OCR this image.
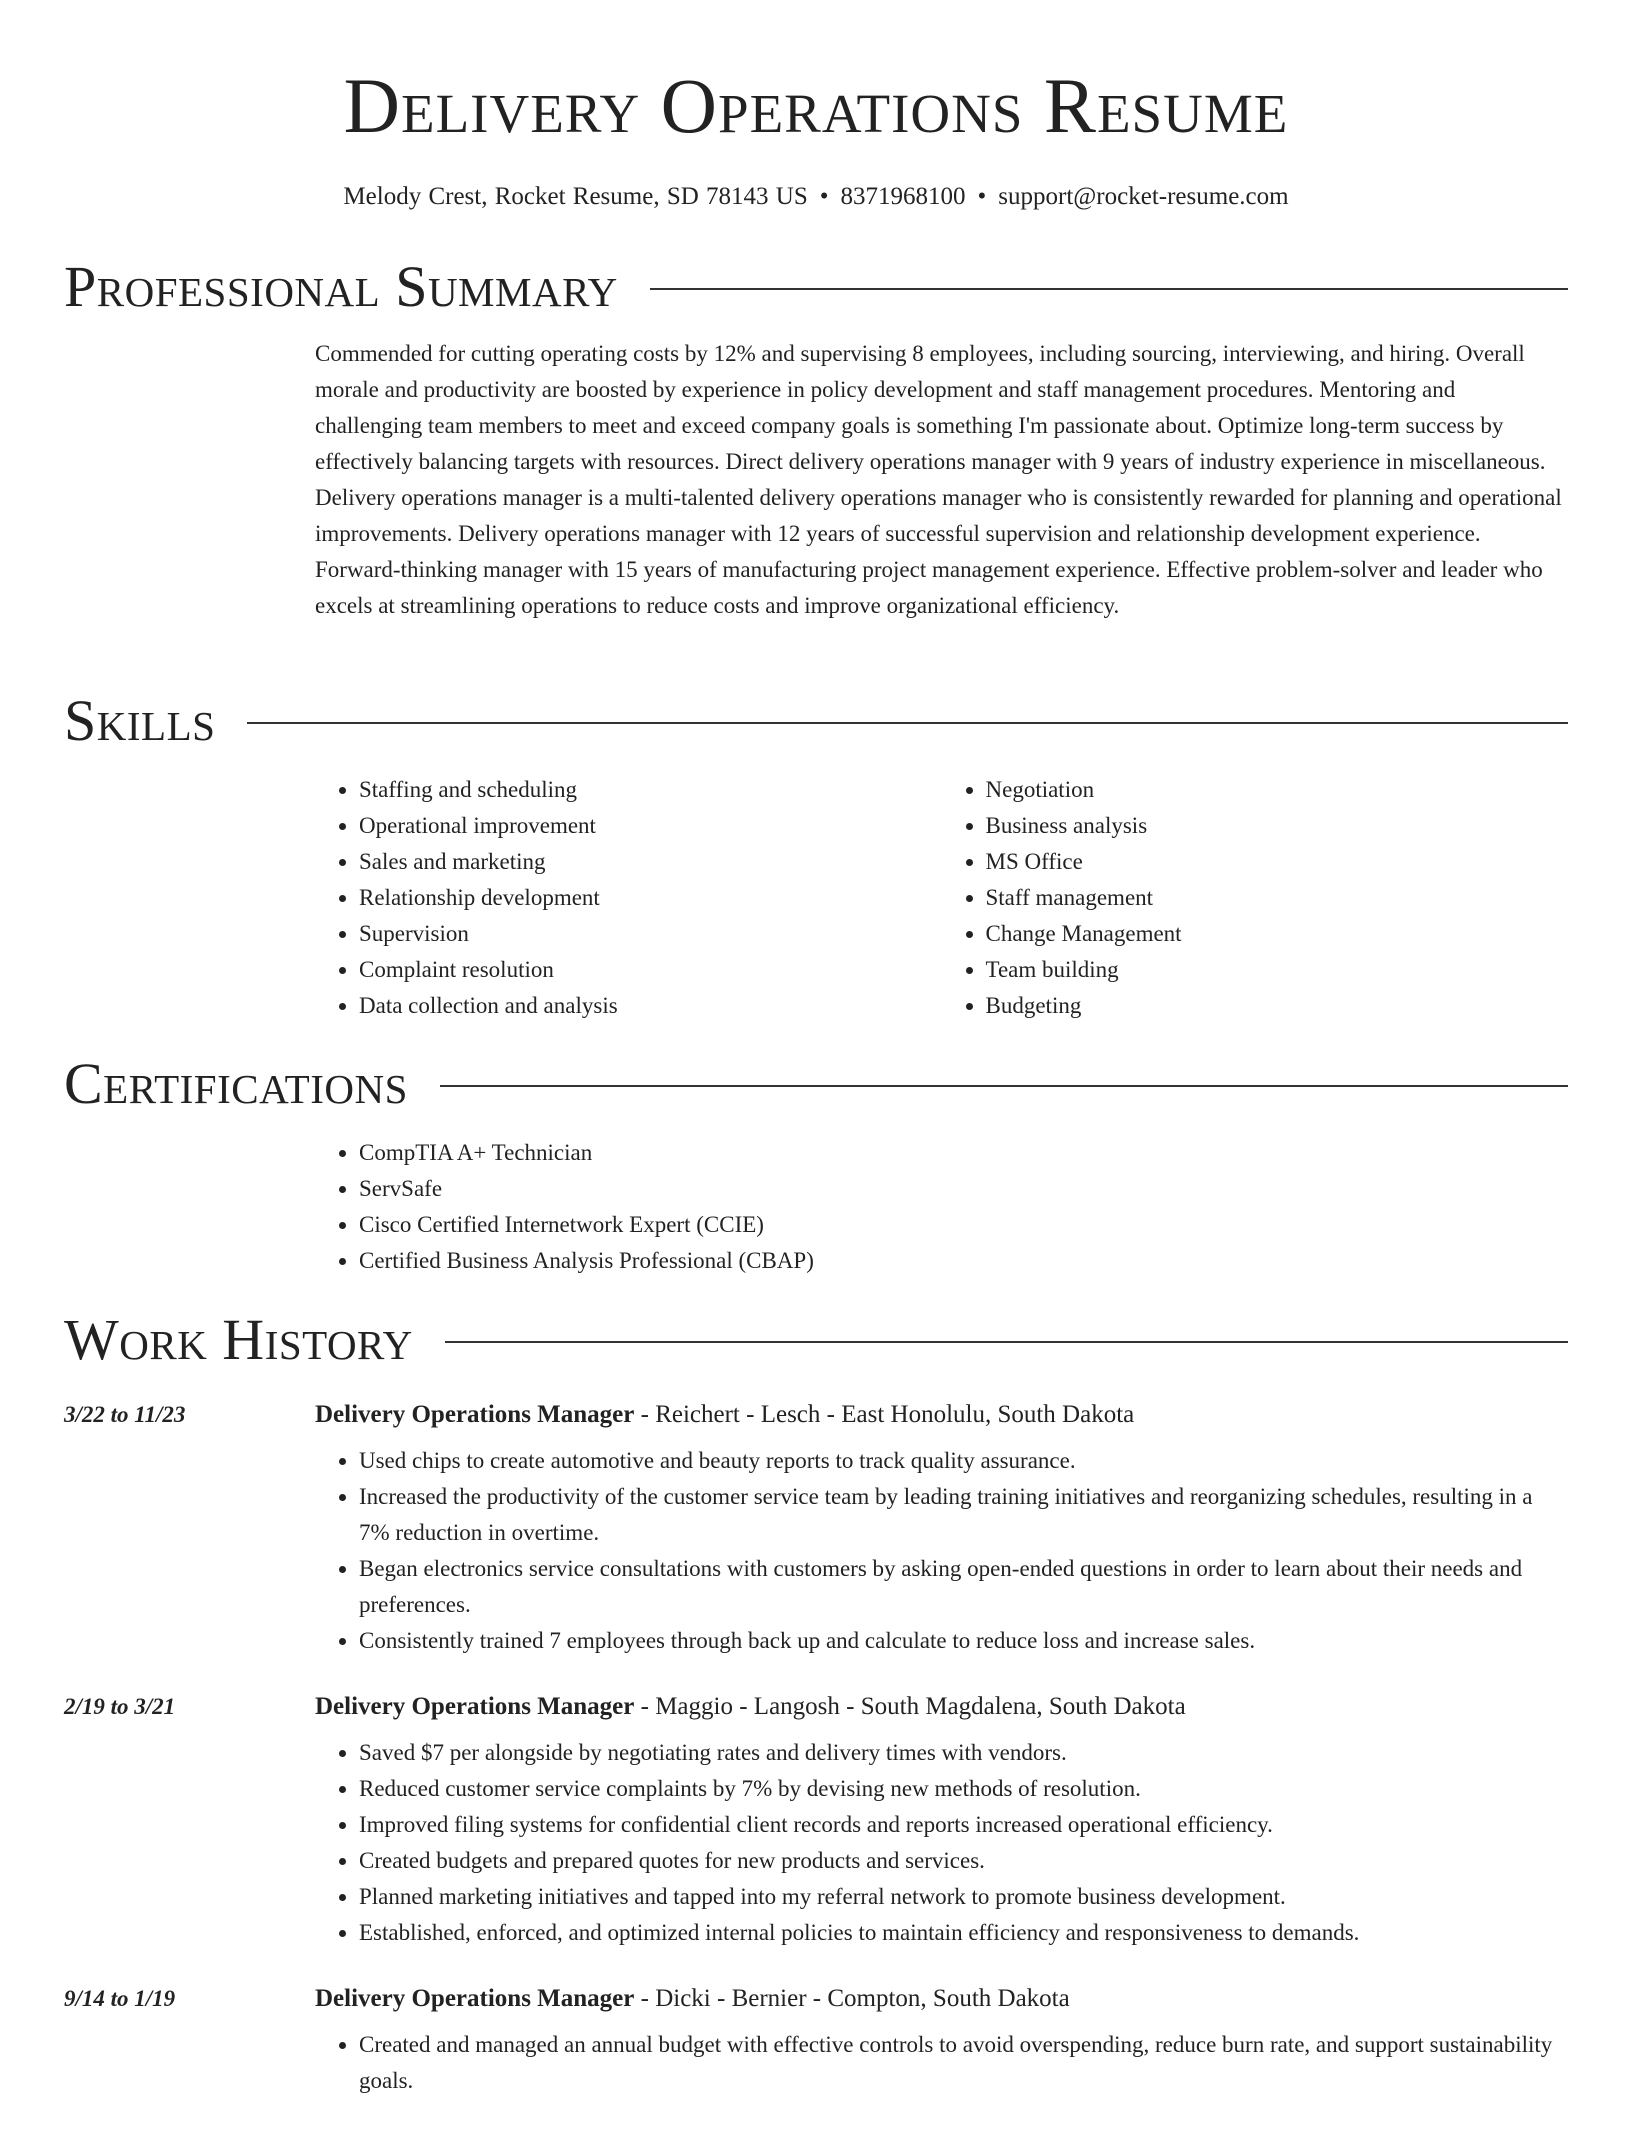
Delivery Operations Resume
Melody Crest, Rocket Resume, SD 78143 US • 8371968100 • support@rocket-resume.com
Professional Summary

Commended for cutting operating costs by 12% and supervising 8 employees, including sourcing, interviewing, and hiring. Overall morale and productivity are boosted by experience in policy development and staff management procedures. Mentoring and challenging team members to meet and exceed company goals is something I'm passionate about. Optimize long-term success by effectively balancing targets with resources. Direct delivery operations manager with 9 years of industry experience in miscellaneous. Delivery operations manager is a multi-talented delivery operations manager who is consistently rewarded for planning and operational improvements. Delivery operations manager with 12 years of successful supervision and relationship development experience. Forward-thinking manager with 15 years of manufacturing project management experience. Effective problem-solver and leader who excels at streamlining operations to reduce costs and improve organizational efficiency.

Skills
• Staffing and scheduling
• Operational improvement
• Sales and marketing
• Relationship development
• Supervision
• Complaint resolution
• Data collection and analysis
• Negotiation
• Business analysis
• MS Office
• Staff management
• Change Management
• Team building
• Budgeting
Certifications
• CompTIA A+ Technician
• ServSafe
• Cisco Certified Internetwork Expert (CCIE)
• Certified Business Analysis Professional (CBAP)
Work History
3/22 to 11/23	Delivery Operations Manager - Reichert - Lesch - East Honolulu, South Dakota
• Used chips to create automotive and beauty reports to track quality assurance.
• Increased the productivity of the customer service team by leading training initiatives and reorganizing schedules, resulting in a 7% reduction in overtime.
• Began electronics service consultations with customers by asking open-ended questions in order to learn about their needs and preferences.
• Consistently trained 7 employees through back up and calculate to reduce loss and increase sales.
2/19 to 3/21	Delivery Operations Manager - Maggio - Langosh - South Magdalena, South Dakota
• Saved $7 per alongside by negotiating rates and delivery times with vendors.
• Reduced customer service complaints by 7% by devising new methods of resolution.
• Improved filing systems for confidential client records and reports increased operational efficiency.
• Created budgets and prepared quotes for new products and services.
• Planned marketing initiatives and tapped into my referral network to promote business development.
• Established, enforced, and optimized internal policies to maintain efficiency and responsiveness to demands.
9/14 to 1/19	Delivery Operations Manager - Dicki - Bernier - Compton, South Dakota
• Created and managed an annual budget with effective controls to avoid overspending, reduce burn rate, and support sustainability goals.
